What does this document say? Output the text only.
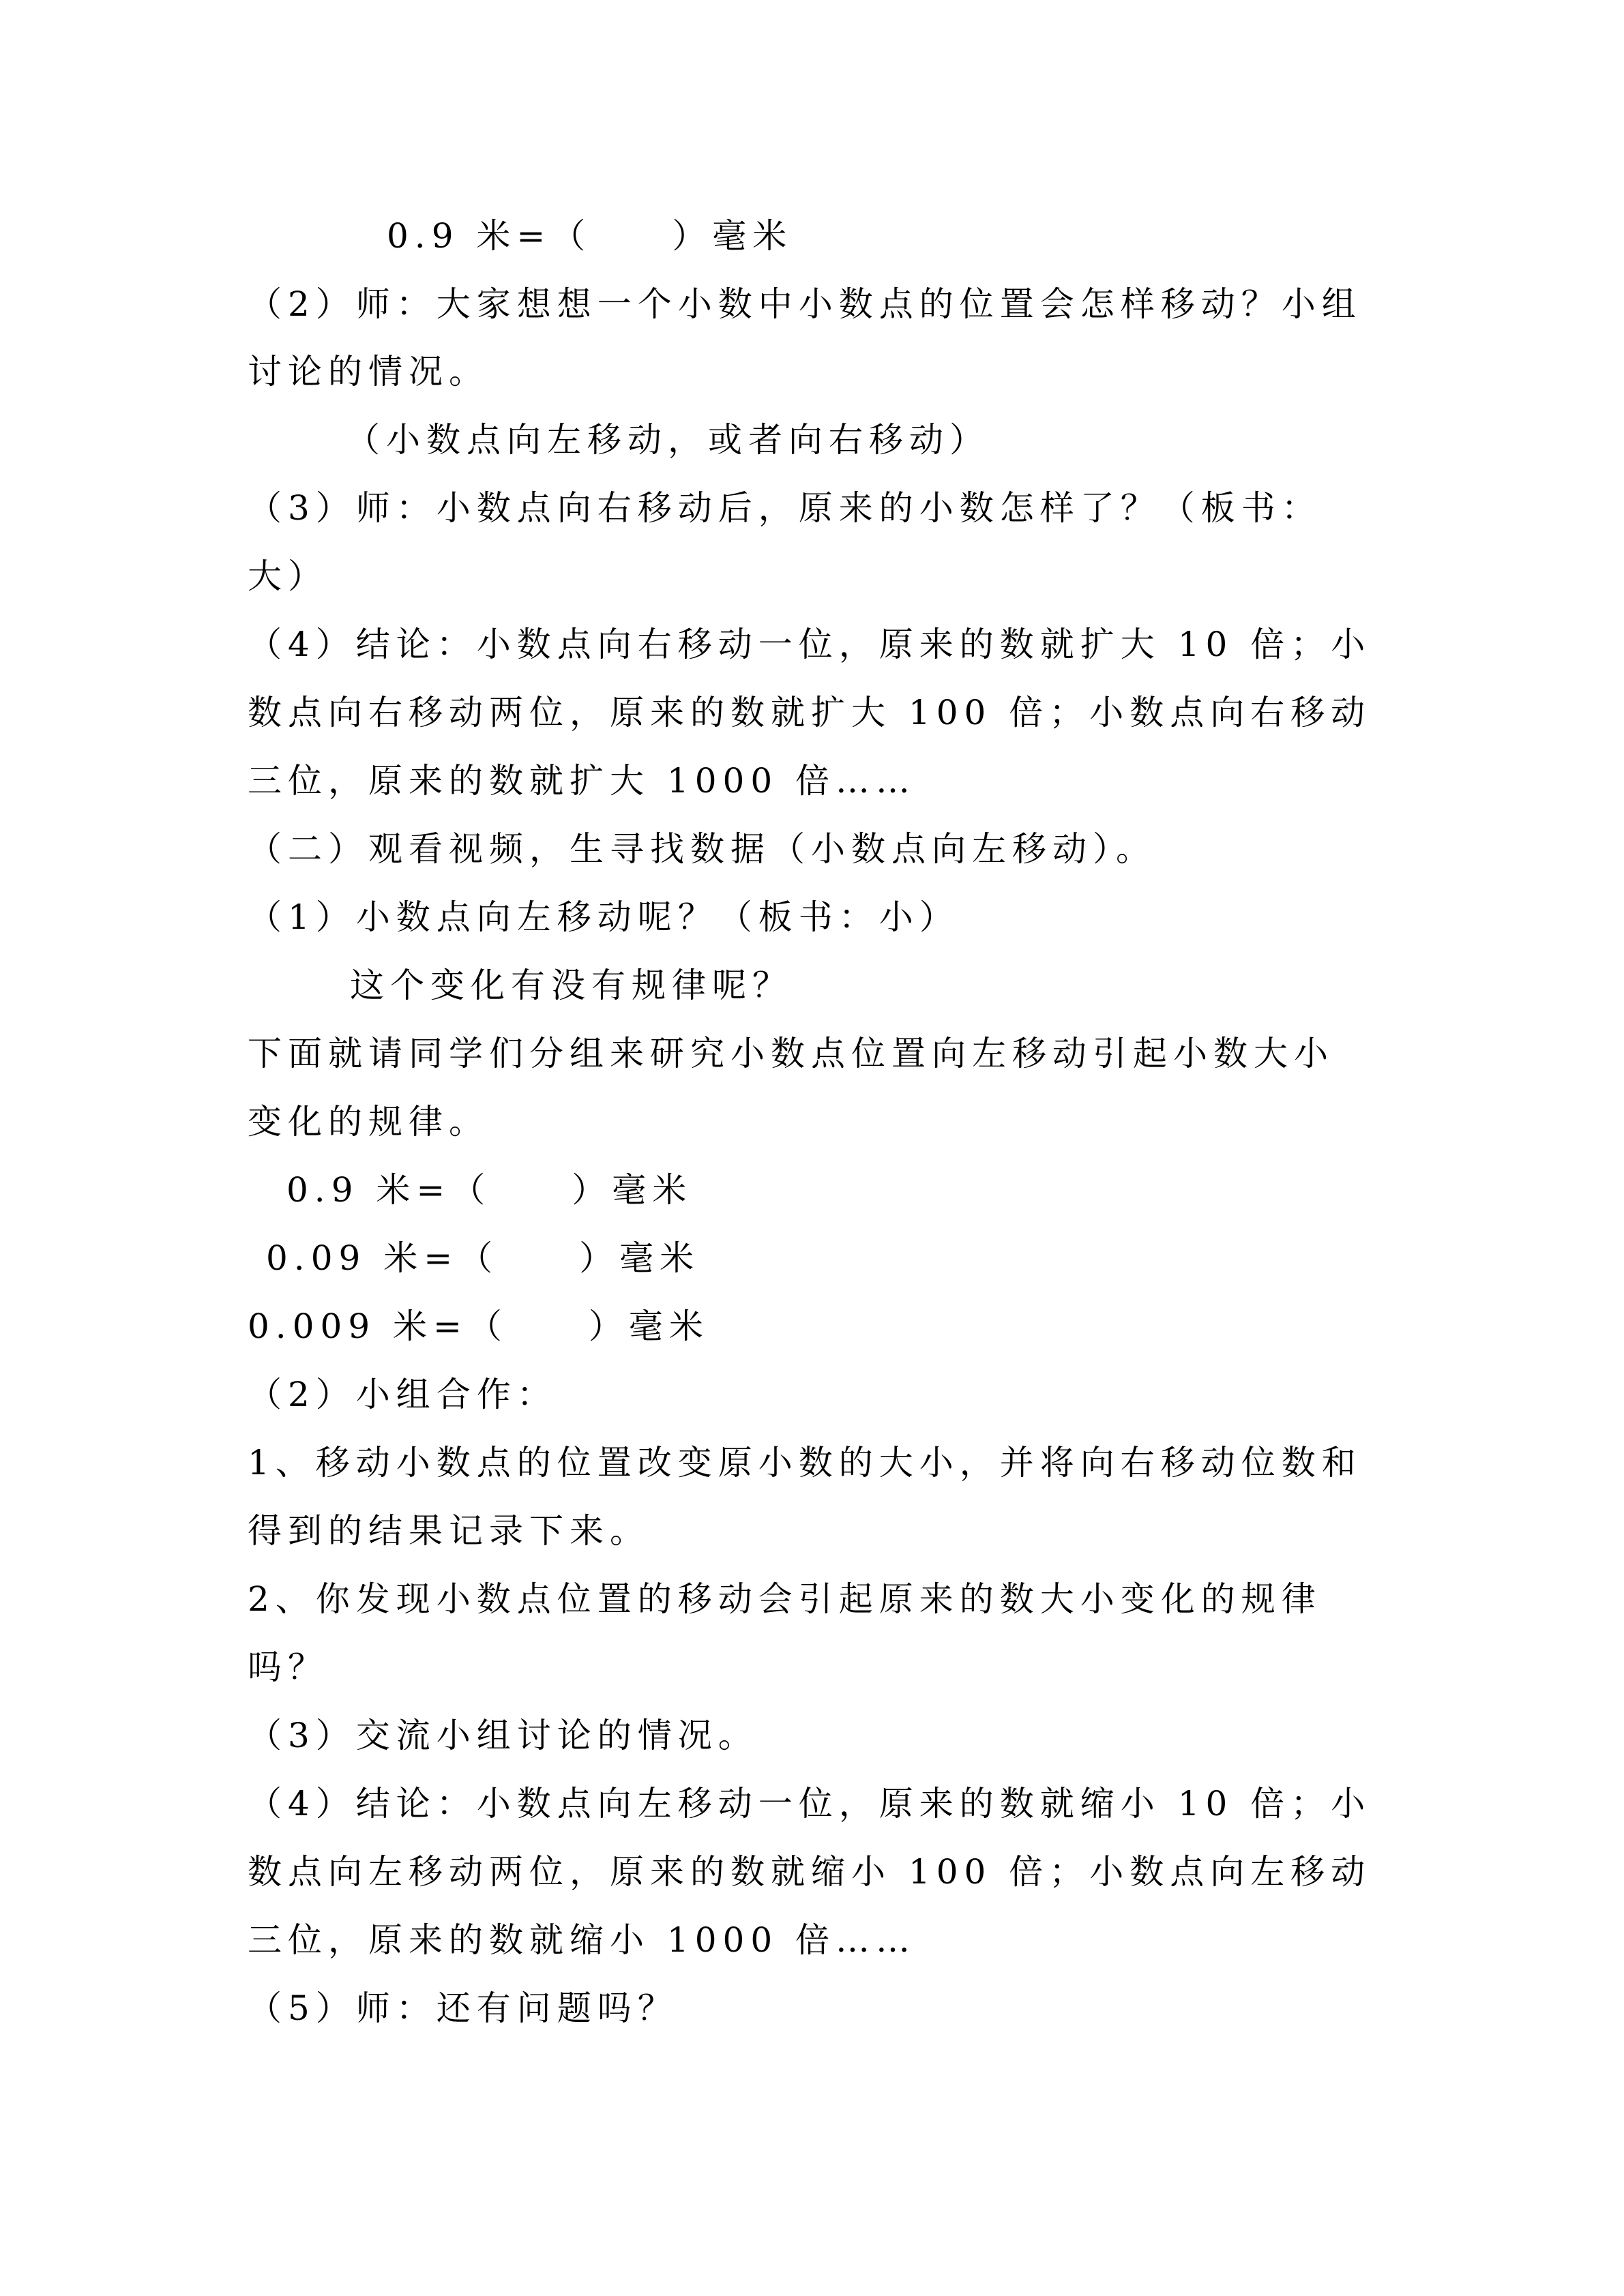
0.9 米=（　　）毫米
（2）师：大家想想一个小数中小数点的位置会怎样移动？小组
讨论的情况。
（小数点向左移动，或者向右移动）
（3）师：小数点向右移动后，原来的小数怎样了？（板书：
大）
（4）结论：小数点向右移动一位，原来的数就扩大 10 倍；小
数点向右移动两位，原来的数就扩大 100 倍；小数点向右移动
三位，原来的数就扩大 1000 倍……
（二）观看视频，生寻找数据（小数点向左移动）。
（1）小数点向左移动呢？（板书：小）
这个变化有没有规律呢？
下面就请同学们分组来研究小数点位置向左移动引起小数大小
变化的规律。
0.9 米=（　　）毫米
0.09 米=（　　）毫米
0.009 米=（　　）毫米
（2）小组合作：
1、移动小数点的位置改变原小数的大小，并将向右移动位数和
得到的结果记录下来。
2、你发现小数点位置的移动会引起原来的数大小变化的规律
吗？
（3）交流小组讨论的情况。
（4）结论：小数点向左移动一位，原来的数就缩小 10 倍；小
数点向左移动两位，原来的数就缩小 100 倍；小数点向左移动
三位，原来的数就缩小 1000 倍……
（5）师：还有问题吗？
